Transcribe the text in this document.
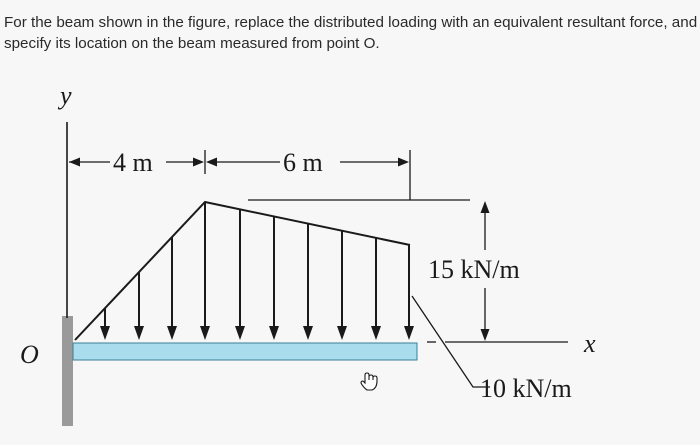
For the beam shown in the figure, replace the distributed loading with an equivalent resultant force, and specify its location on the beam measured from point O.

y
O
4 m	6 m
15 kN/m
x
10 kN/m
